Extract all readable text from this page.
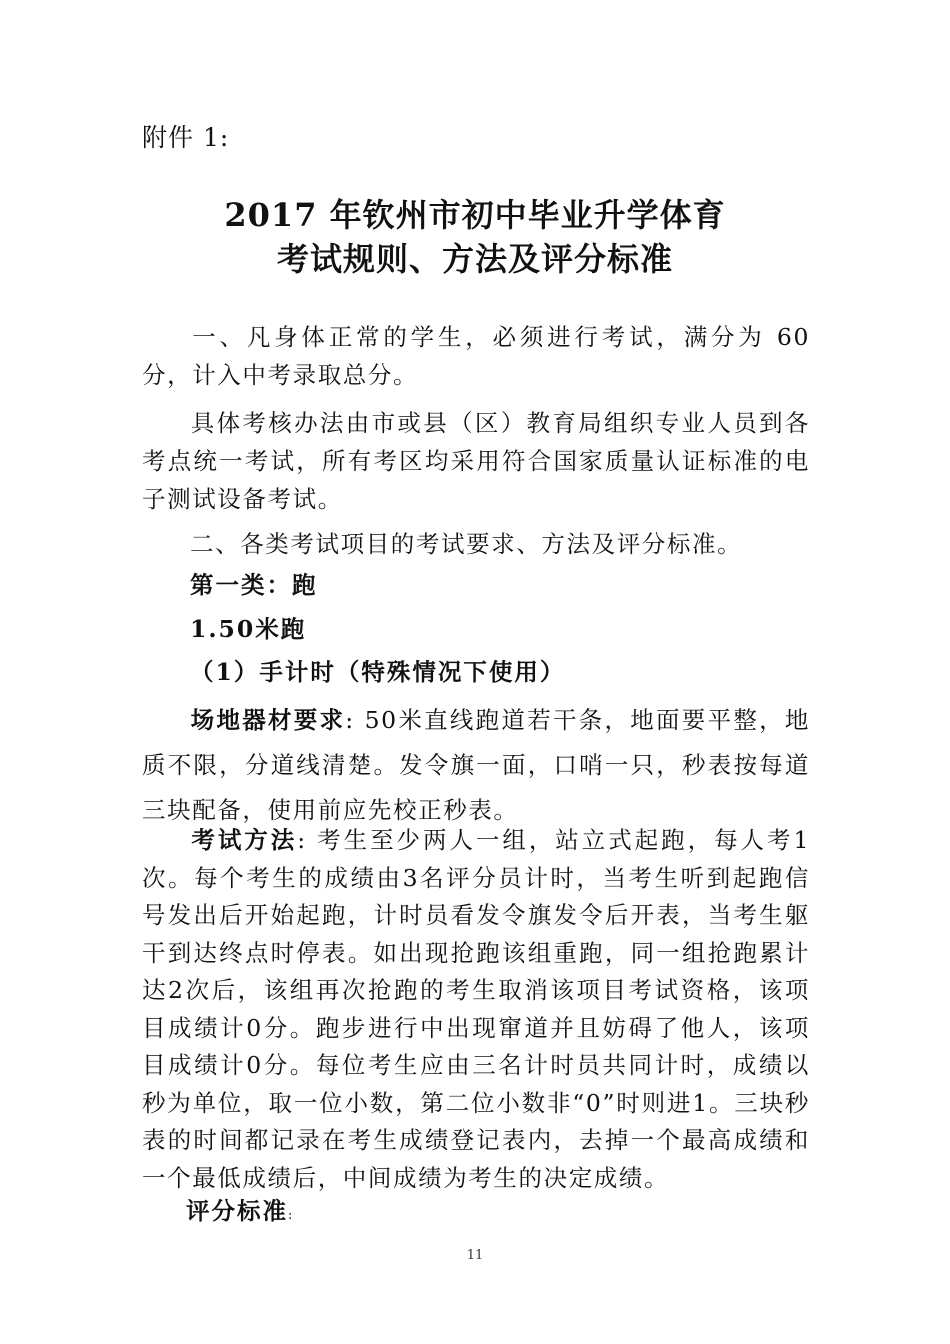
附件 1:
2017 年钦州市初中毕业升学体育
考试规则、方法及评分标准
一、凡身体正常的学生，必须进行考试，满分为 60 分，计入中考录取总分。
具体考核办法由市或县（区）教育局组织专业人员到各考点统一考试，所有考区均采用符合国家质量认证标准的电子测试设备考试。
二、各类考试项目的考试要求、方法及评分标准。
第一类：跑
1.50米跑
（1）手计时（特殊情况下使用）
场地器材要求: 50米直线跑道若干条，地面要平整，地质不限，分道线清楚。发令旗一面，口哨一只，秒表按每道三块配备，使用前应先校正秒表。
考试方法: 考生至少两人一组，站立式起跑，每人考1次。每个考生的成绩由3名评分员计时，当考生听到起跑信号发出后开始起跑，计时员看发令旗发令后开表，当考生躯干到达终点时停表。如出现抢跑该组重跑，同一组抢跑累计达2次后，该组再次抢跑的考生取消该项目考试资格，该项目成绩计0分。跑步进行中出现窜道并且妨碍了他人，该项目成绩计0分。每位考生应由三名计时员共同计时，成绩以秒为单位，取一位小数，第二位小数非“0”时则进1。三块秒表的时间都记录在考生成绩登记表内，去掉一个最高成绩和一个最低成绩后，中间成绩为考生的决定成绩。
评分标准:
11
